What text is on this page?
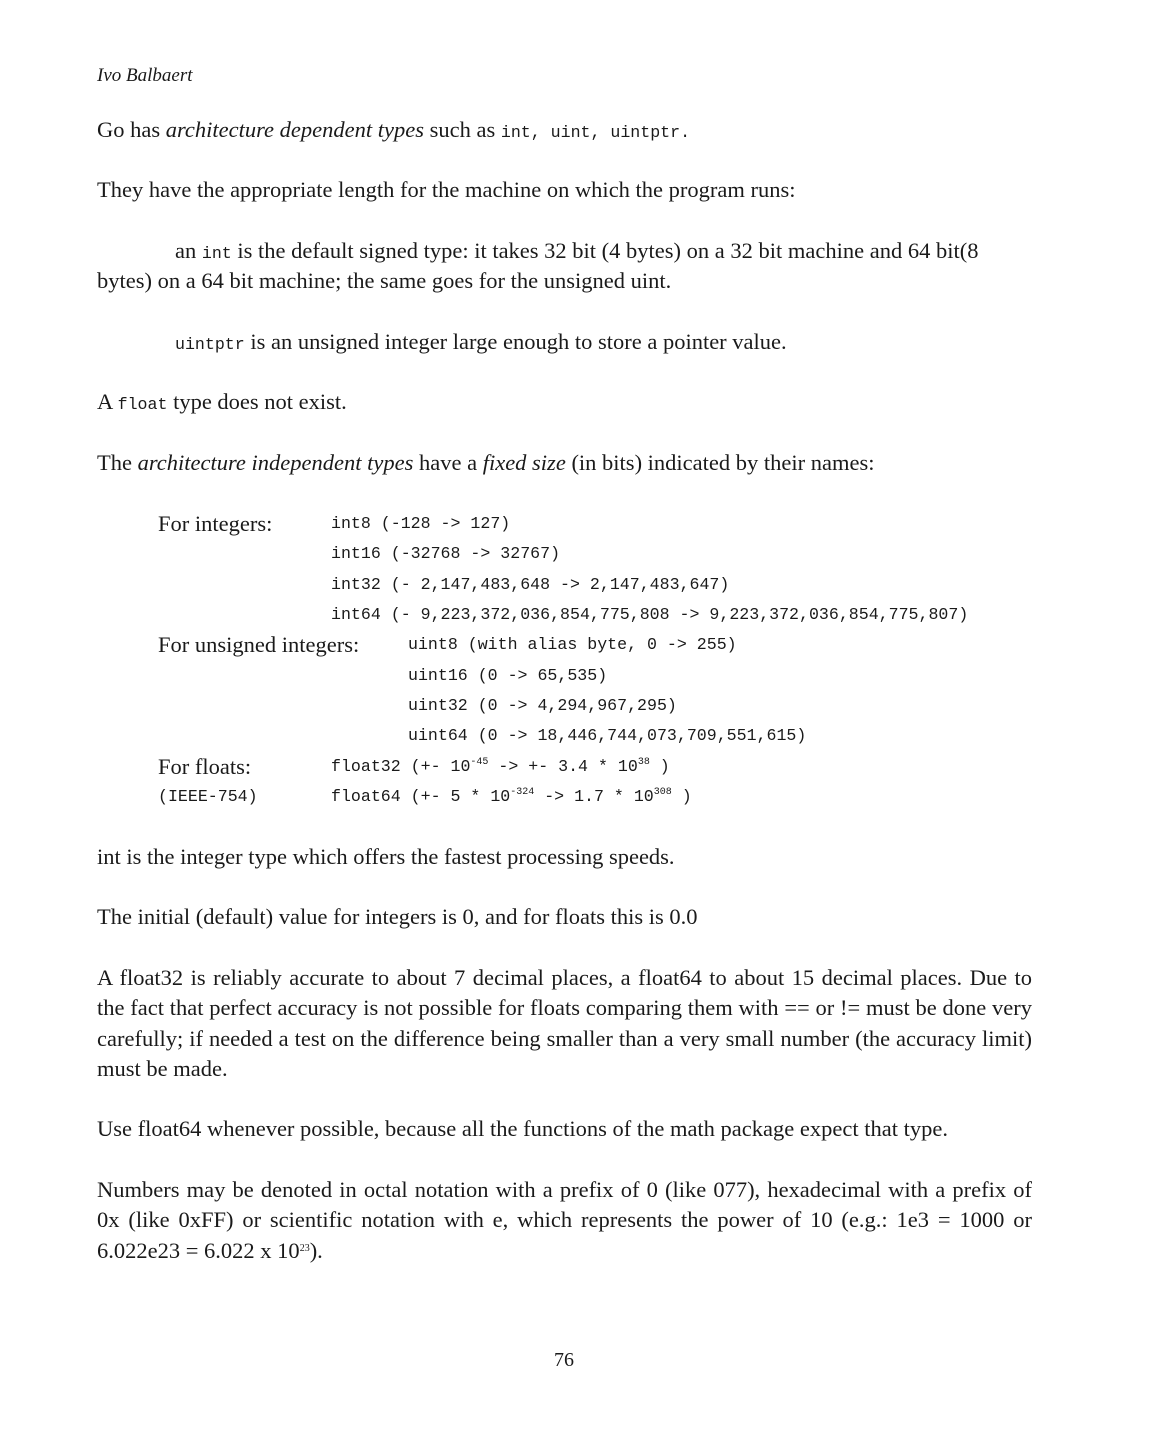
Ivo Balbaert
Go has architecture dependent types such as int, uint, uintptr.
They have the appropriate length for the machine on which the program runs:
an int is the default signed type: it takes 32 bit (4 bytes) on a 32 bit machine and 64 bit(8
bytes) on a 64 bit machine; the same goes for the unsigned uint.
uintptr is an unsigned integer large enough to store a pointer value.
A float type does not exist.
The architecture independent types have a fixed size (in bits) indicated by their names:
For integers:	int8 (-128 -> 127)
int16 (-32768 -> 32767)
int32 (- 2,147,483,648 -> 2,147,483,647)
int64 (- 9,223,372,036,854,775,808 -> 9,223,372,036,854,775,807)
For unsigned integers:	uint8 (with alias byte, 0 -> 255)
uint16 (0 -> 65,535)
uint32 (0 -> 4,294,967,295)
uint64 (0 -> 18,446,744,073,709,551,615)
For floats:	float32 (+- $10^{-45}$ -> +- $3.4 * 10^{38}$ )
(IEEE-754)	float64 (+- $5 * 10^{-324} -> 1.7 * 10^{308}$ )
int is the integer type which offers the fastest processing speeds.
The initial (default) value for integers is 0, and for floats this is 0.0
A float32 is reliably accurate to about 7 decimal places, a float64 to about 15 decimal places. Due to the fact that perfect accuracy is not possible for floats comparing them with == or != must be done very carefully; if needed a test on the difference being smaller than a very small number (the accuracy limit) must be made.
Use float64 whenever possible, because all the functions of the math package expect that type.
Numbers may be denoted in octal notation with a prefix of 0 (like 077), hexadecimal with a prefix of 0x (like 0xFF) or scientific notation with e, which represents the power of 10 (e.g.: 1e3 = 1000 or 6.022e23 = 6.022 x $10^{23}$).
76
